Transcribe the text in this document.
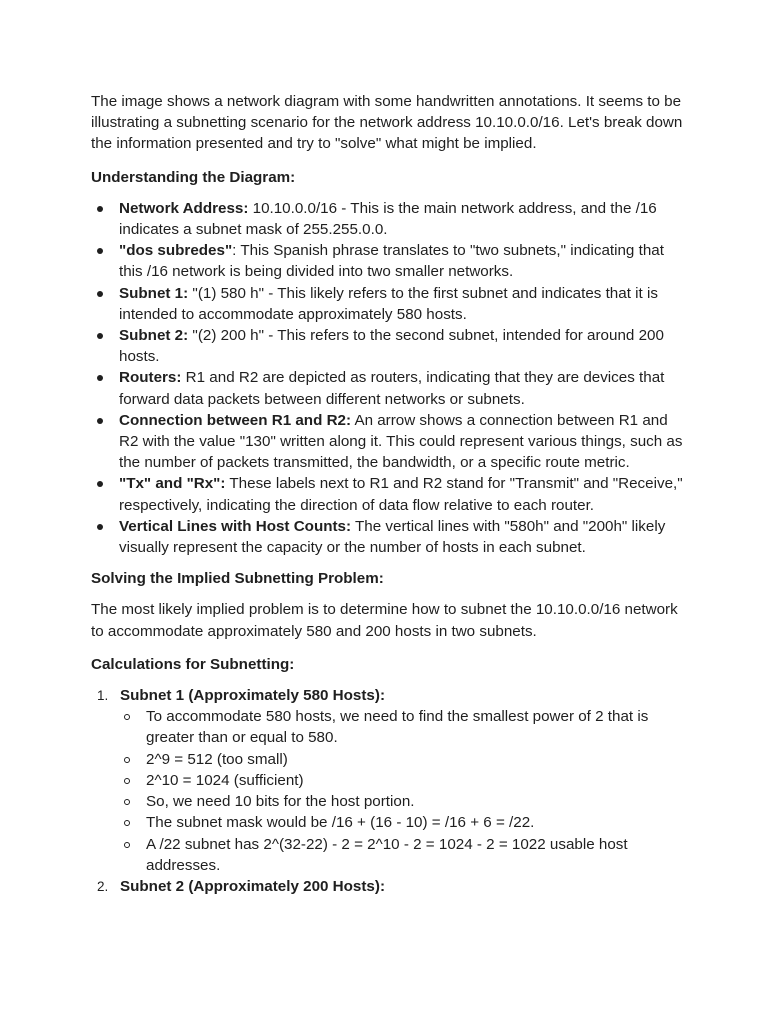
The image shows a network diagram with some handwritten annotations. It seems to be illustrating a subnetting scenario for the network address 10.10.0.0/16. Let's break down the information presented and try to "solve" what might be implied.

Understanding the Diagram:

Network Address: 10.10.0.0/16 - This is the main network address, and the /16 indicates a subnet mask of 255.255.0.0.
"dos subredes": This Spanish phrase translates to "two subnets," indicating that this /16 network is being divided into two smaller networks.
Subnet 1: "(1) 580 h" - This likely refers to the first subnet and indicates that it is intended to accommodate approximately 580 hosts.
Subnet 2: "(2) 200 h" - This refers to the second subnet, intended for around 200 hosts.
Routers: R1 and R2 are depicted as routers, indicating that they are devices that forward data packets between different networks or subnets.
Connection between R1 and R2: An arrow shows a connection between R1 and R2 with the value "130" written along it. This could represent various things, such as the number of packets transmitted, the bandwidth, or a specific route metric.
"Tx" and "Rx": These labels next to R1 and R2 stand for "Transmit" and "Receive," respectively, indicating the direction of data flow relative to each router.
Vertical Lines with Host Counts: The vertical lines with "580h" and "200h" likely visually represent the capacity or the number of hosts in each subnet.

Solving the Implied Subnetting Problem:

The most likely implied problem is to determine how to subnet the 10.10.0.0/16 network to accommodate approximately 580 and 200 hosts in two subnets.

Calculations for Subnetting:

1. Subnet 1 (Approximately 580 Hosts):
To accommodate 580 hosts, we need to find the smallest power of 2 that is greater than or equal to 580.
2^9 = 512 (too small)
2^10 = 1024 (sufficient)
So, we need 10 bits for the host portion.
The subnet mask would be /16 + (16 - 10) = /16 + 6 = /22.
A /22 subnet has 2^(32-22) - 2 = 2^10 - 2 = 1024 - 2 = 1022 usable host addresses.
2. Subnet 2 (Approximately 200 Hosts):
